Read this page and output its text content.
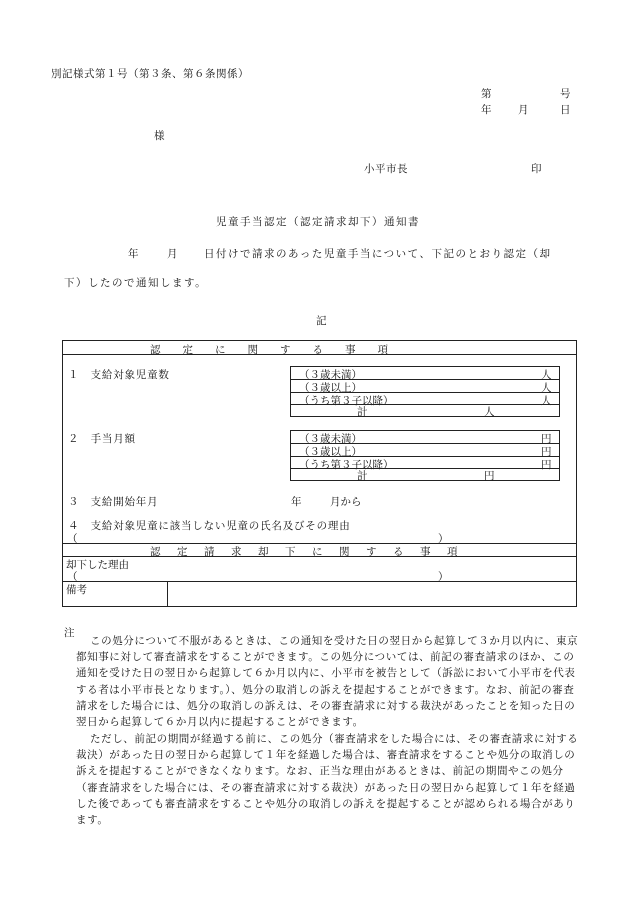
別記様式第１号（第３条、第６条関係）
第	号
年	月	日
様
小平市長	印
児童手当認定（認定請求却下）通知書
年	月	日付けで請求のあった児童手当について、下記のとおり認定（却
下）したので通知します。
記
認定に関する事項
１　支給対象児童数	（３歳未満）	人
（３歳以上）	人
（うち第３子以降）	人
計	人
２　手当月額	（３歳未満）	円
（３歳以上）	円
（うち第３子以降）	円
計	円
３　支給開始年月	年	月から
４　支給対象児童に該当しない児童の氏名及びその理由
（	）
認定請求却下に関する事項
却下した理由
（	）
備考
注
この処分について不服があるときは、この通知を受けた日の翌日から起算して３か月以内に、東京都知事に対して審査請求をすることができます。この処分については、前記の審査請求のほか、この通知を受けた日の翌日から起算して６か月以内に、小平市を被告として（訴訟において小平市を代表する者は小平市長となります。）、処分の取消しの訴えを提起することができます。なお、前記の審査請求をした場合には、処分の取消しの訴えは、その審査請求に対する裁決があったことを知った日の翌日から起算して６か月以内に提起することができます。
ただし、前記の期間が経過する前に、この処分（審査請求をした場合には、その審査請求に対する裁決）があった日の翌日から起算して１年を経過した場合は、審査請求をすることや処分の取消しの訴えを提起することができなくなります。なお、正当な理由があるときは、前記の期間やこの処分（審査請求をした場合には、その審査請求に対する裁決）があった日の翌日から起算して１年を経過した後であっても審査請求をすることや処分の取消しの訴えを提起することが認められる場合があります。
